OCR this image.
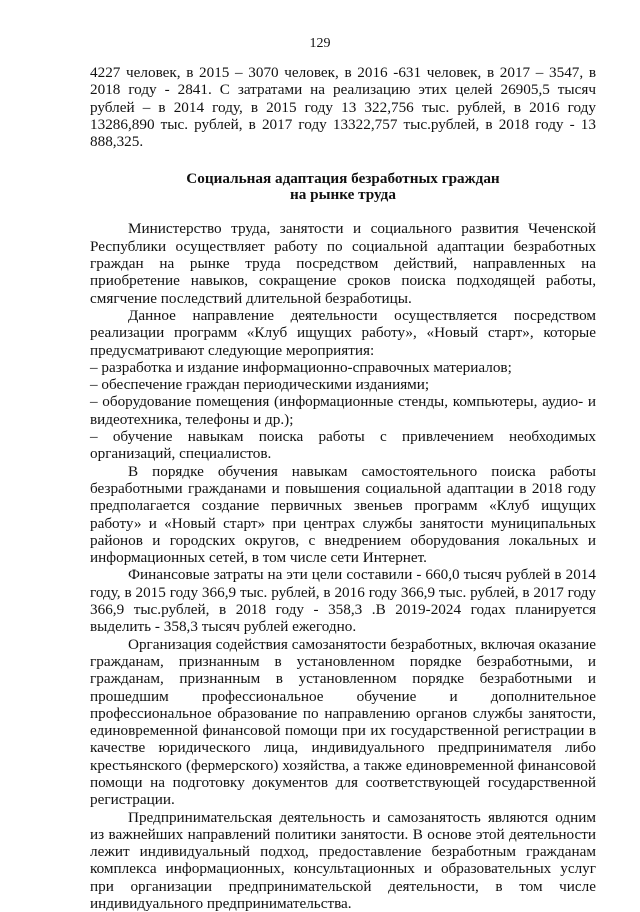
129

4227 человек, в 2015 – 3070 человек, в 2016 -631 человек, в 2017 – 3547, в 2018 году - 2841. С затратами на реализацию этих целей 26905,5 тысяч рублей – в 2014 году, в 2015 году 13 322,756 тыс. рублей, в 2016 году 13286,890 тыс. рублей, в 2017 году 13322,757 тыс.рублей, в 2018 году - 13 888,325.

Социальная адаптация безработных граждан
на рынке труда

Министерство труда, занятости и социального развития Чеченской Республики осуществляет работу по социальной адаптации безработных граждан на рынке труда посредством действий, направленных на приобретение навыков, сокращение сроков поиска подходящей работы, смягчение последствий длительной безработицы.

Данное направление деятельности осуществляется посредством реализации программ «Клуб ищущих работу», «Новый старт», которые предусматривают следующие мероприятия:

– разработка и издание информационно-справочных материалов;

– обеспечение граждан периодическими изданиями;

– оборудование помещения (информационные стенды, компьютеры, аудио- и видеотехника, телефоны и др.);

– обучение навыкам поиска работы с привлечением необходимых организаций, специалистов.

В порядке обучения навыкам самостоятельного поиска работы безработными гражданами и повышения социальной адаптации в 2018 году предполагается создание первичных звеньев программ «Клуб ищущих работу» и «Новый старт» при центрах службы занятости муниципальных районов и городских округов, с внедрением оборудования локальных и информационных сетей, в том числе сети Интернет.

Финансовые затраты на эти цели составили - 660,0 тысяч рублей в 2014 году, в 2015 году 366,9 тыс. рублей, в 2016 году 366,9 тыс. рублей, в 2017 году 366,9 тыс.рублей, в 2018 году - 358,3 .В 2019-2024 годах планируется выделить - 358,3 тысяч рублей ежегодно.

Организация содействия самозанятости безработных, включая оказание гражданам, признанным в установленном порядке безработными, и гражданам, признанным в установленном порядке безработными и прошедшим профессиональное обучение и дополнительное профессиональное образование по направлению органов службы занятости, единовременной финансовой помощи при их государственной регистрации в качестве юридического лица, индивидуального предпринимателя либо крестьянского (фермерского) хозяйства, а также единовременной финансовой помощи на подготовку документов для соответствующей государственной регистрации.

Предпринимательская деятельность и самозанятость являются одним из важнейших направлений политики занятости. В основе этой деятельности лежит индивидуальный подход, предоставление безработным гражданам комплекса информационных, консультационных и образовательных услуг при организации предпринимательской деятельности, в том числе индивидуального предпринимательства.
